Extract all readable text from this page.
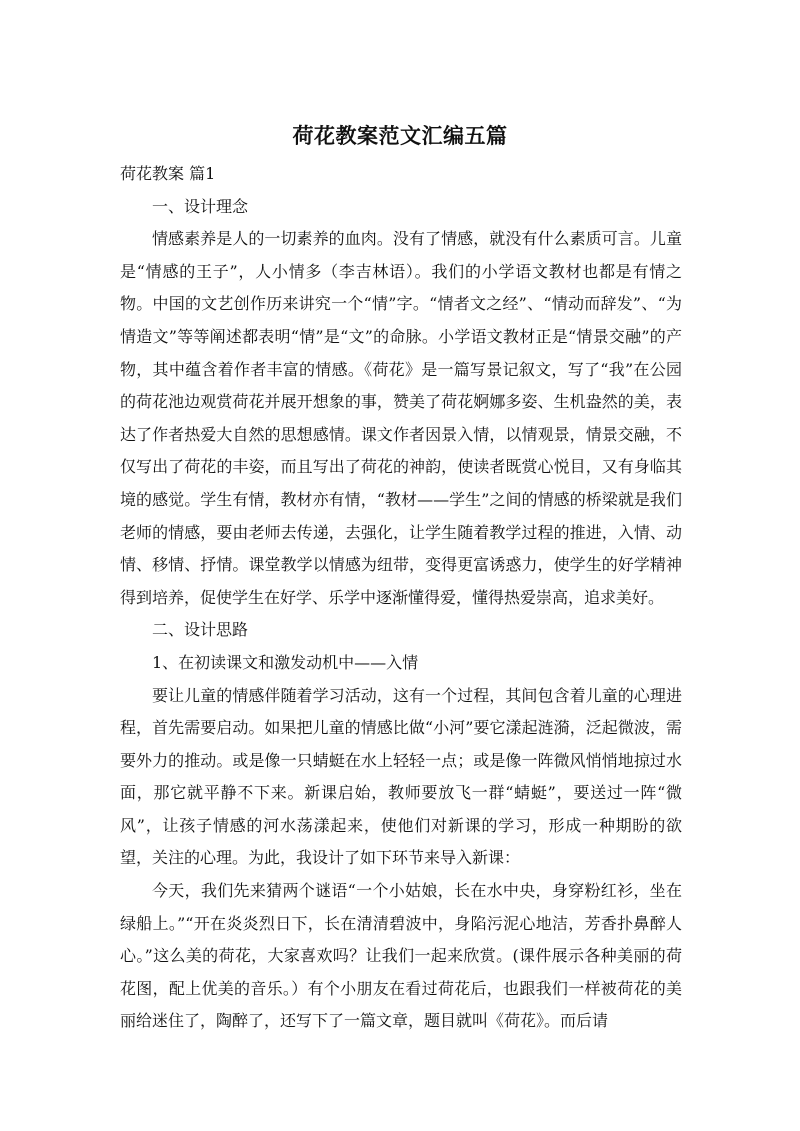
荷花教案范文汇编五篇

荷花教案 篇1

一、设计理念

情感素养是人的一切素养的血肉。没有了情感，就没有什么素质可言。儿童是“情感的王子”，人小情多（李吉林语）。我们的小学语文教材也都是有情之物。中国的文艺创作历来讲究一个“情”字。“情者文之经”、“情动而辞发”、“为情造文”等等阐述都表明“情”是“文”的命脉。小学语文教材正是“情景交融”的产物，其中蕴含着作者丰富的情感。《荷花》是一篇写景记叙文，写了“我”在公园的荷花池边观赏荷花并展开想象的事，赞美了荷花婀娜多姿、生机盎然的美，表达了作者热爱大自然的思想感情。课文作者因景入情，以情观景，情景交融，不仅写出了荷花的丰姿，而且写出了荷花的神韵，使读者既赏心悦目，又有身临其境的感觉。学生有情，教材亦有情，“教材——学生”之间的情感的桥梁就是我们老师的情感，要由老师去传递，去强化，让学生随着教学过程的推进，入情、动情、移情、抒情。课堂教学以情感为纽带，变得更富诱惑力，使学生的好学精神得到培养，促使学生在好学、乐学中逐渐懂得爱，懂得热爱崇高，追求美好。

二、设计思路

1、在初读课文和激发动机中——入情

要让儿童的情感伴随着学习活动，这有一个过程，其间包含着儿童的心理进程，首先需要启动。如果把儿童的情感比做“小河”要它漾起涟漪，泛起微波，需要外力的推动。或是像一只蜻蜓在水上轻轻一点；或是像一阵微风悄悄地掠过水面，那它就平静不下来。新课启始，教师要放飞一群“蜻蜓”，要送过一阵“微风”，让孩子情感的河水荡漾起来，使他们对新课的学习，形成一种期盼的欲望，关注的心理。为此，我设计了如下环节来导入新课：

今天，我们先来猜两个谜语“一个小姑娘，长在水中央，身穿粉红衫，坐在绿船上。”“开在炎炎烈日下，长在清清碧波中，身陷污泥心地洁，芳香扑鼻醉人心。”这么美的荷花，大家喜欢吗？让我们一起来欣赏。(课件展示各种美丽的荷花图，配上优美的音乐。）有个小朋友在看过荷花后，也跟我们一样被荷花的美丽给迷住了，陶醉了，还写下了一篇文章，题目就叫《荷花》。而后请
